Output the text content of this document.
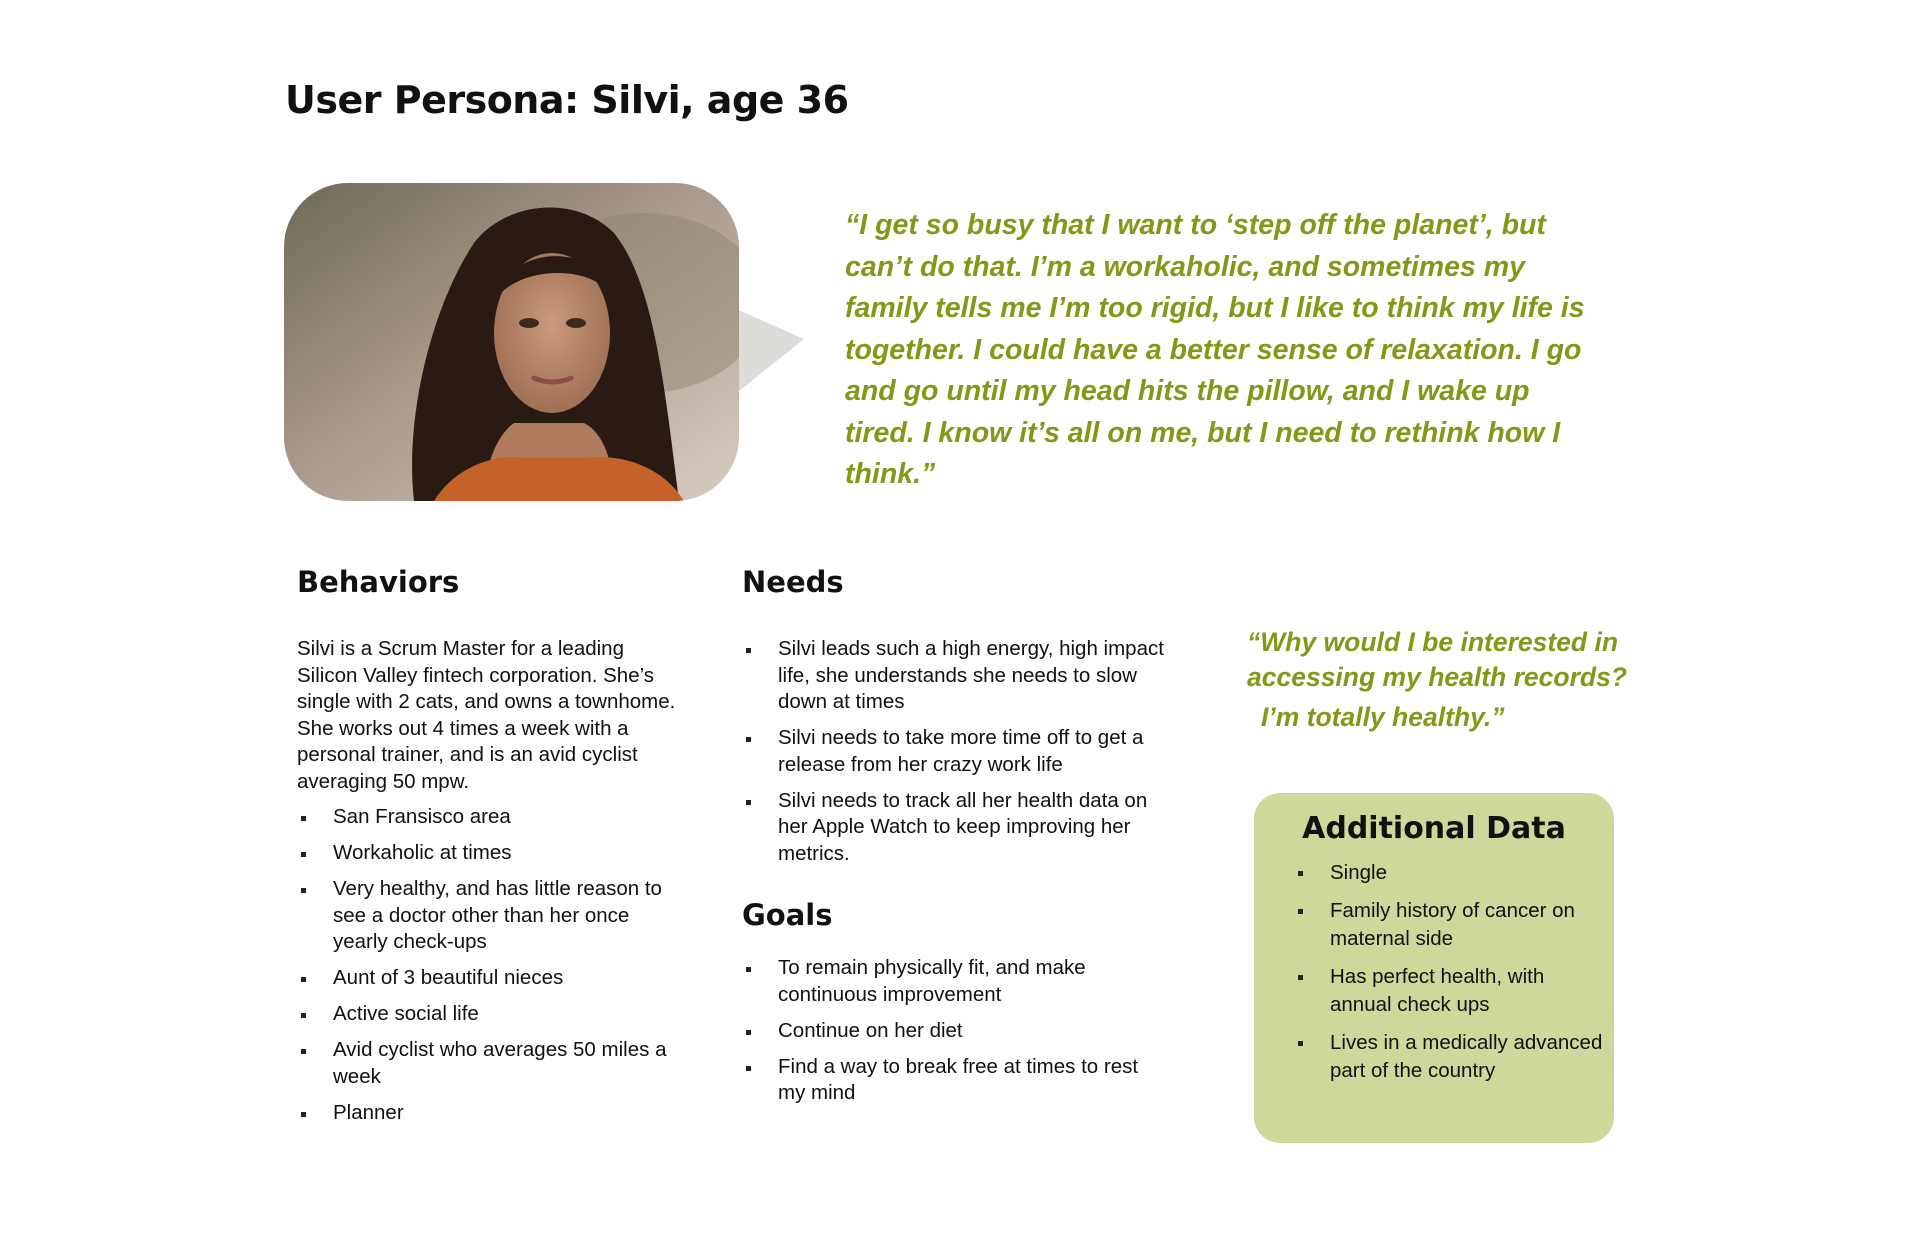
User Persona: Silvi, age 36

“I get so busy that I want to ‘step off the planet’, but can’t do that. I’m a workaholic, and sometimes my family tells me I’m too rigid, but I like to think my life is together. I could have a better sense of relaxation. I go and go until my head hits the pillow, and I wake up tired. I know it’s all on me, but I need to rethink how I think.”

Behaviors

Silvi is a Scrum Master for a leading Silicon Valley fintech corporation. She’s single with 2 cats, and owns a townhome. She works out 4 times a week with a personal trainer, and is an avid cyclist averaging 50 mpw.

San Fransisco area
Workaholic at times
Very healthy, and has little reason to see a doctor other than her once yearly check-ups
Aunt of 3 beautiful nieces
Active social life
Avid cyclist who averages 50 miles a week
Planner
Needs
Silvi leads such a high energy, high impact life, she understands she needs to slow down at times
Silvi needs to take more time off to get a release from her crazy work life
Silvi needs to track all her health data on her Apple Watch to keep improving her metrics.
Goals
To remain physically fit, and make continuous improvement
Continue on her diet
Find a way to break free at times to rest my mind

“Why would I be interested in accessing my health records?
I’m totally healthy.”

Additional Data
Single
Family history of cancer on maternal side
Has perfect health, with annual check ups
Lives in a medically advanced part of the country
